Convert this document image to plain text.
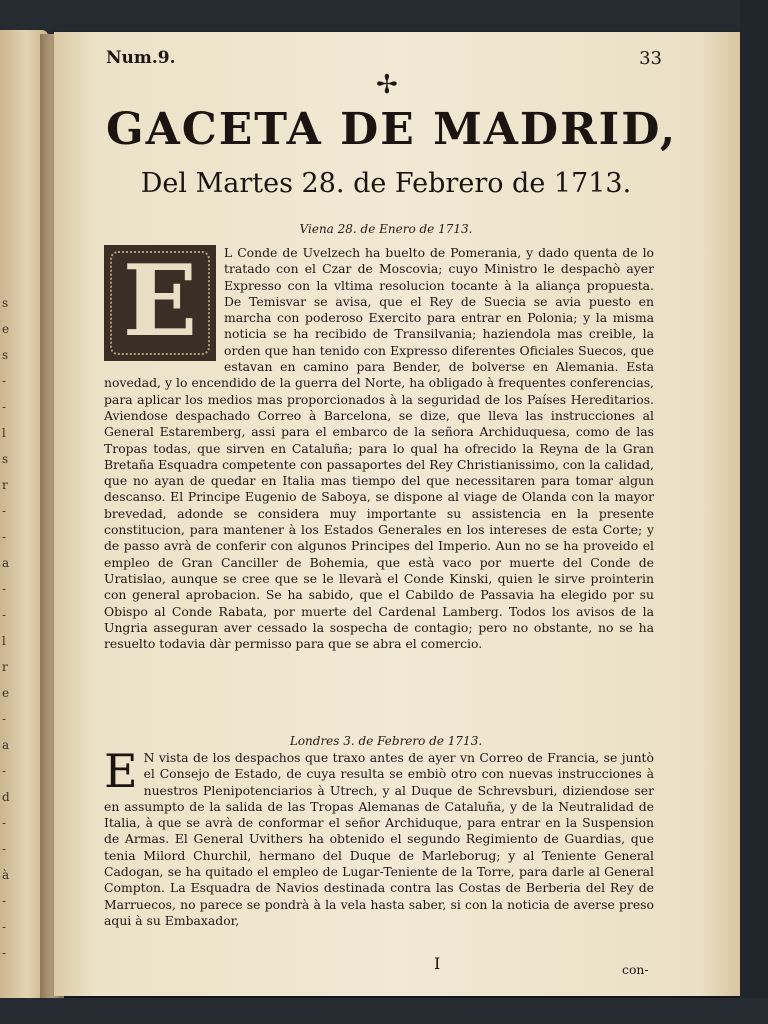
s
e
s
-
-
l
s
r
-
-
a
-
-
l
r
e
-
a
-
d
-
-
à
-
-
-
Num.9.	33
✢
GACETA DE MADRID,
Del Martes 28. de Febrero de 1713.
Viena 28. de Enero de 1713.
L Conde de Uvelzech ha buelto de Pomerania, y dado quenta de lo tratado con el Czar de Moscovia; cuyo Ministro le despachò ayer Expresso con la vltima resolucion tocante à la aliança propuesta. De Temisvar se avisa, que el Rey de Suecia se avia puesto en marcha con poderoso Exercito para entrar en Polonia; y la misma noticia se ha recibido de Transilvania; haziendola mas creible, la orden que han tenido con Expresso diferentes Oficiales Suecos, que estavan en camino para Bender, de bolverse en Alemania. Esta novedad, y lo encendido de la guerra del Norte, ha obligado à frequentes conferencias, para aplicar los medios mas proporcionados à la seguridad de los Países Hereditarios. Aviendose despachado Correo à Barcelona, se dize, que lleva las instrucciones al General Estaremberg, assi para el embarco de la señora Archiduquesa, como de las Tropas todas, que sirven en Cataluña; para lo qual ha ofrecido la Reyna de la Gran Bretaña Esquadra competente con passaportes del Rey Christianissimo, con la calidad, que no ayan de quedar en Italia mas tiempo del que necessitaren para tomar algun descanso. El Principe Eugenio de Saboya, se dispone al viage de Olanda con la mayor brevedad, adonde se considera muy importante su assistencia en la presente constitucion, para mantener à los Estados Generales en los intereses de esta Corte; y de passo avrà de conferir con algunos Principes del Imperio. Aun no se ha proveido el empleo de Gran Canciller de Bohemia, que està vaco por muerte del Conde de Uratislao, aunque se cree que se le llevarà el Conde Kinski, quien le sirve prointerin con general aprobacion. Se ha sabido, que el Cabildo de Passavia ha elegido por su Obispo al Conde Rabata, por muerte del Cardenal Lamberg. Todos los avisos de la Ungria asseguran aver cessado la sospecha de contagio; pero no obstante, no se ha resuelto todavia dàr permisso para que se abra el comercio.
E
Londres 3. de Febrero de 1713.
E N vista de los despachos que traxo antes de ayer vn Correo de Francia, se juntò el Consejo de Estado, de cuya resulta se embiò otro con nuevas instrucciones à nuestros Plenipotenciarios à Utrech, y al Duque de Schrevsburi, diziendose ser en assumpto de la salida de las Tropas Alemanas de Cataluña, y de la Neutralidad de Italia, à que se avrà de conformar el señor Archiduque, para entrar en la Suspension de Armas. El General Uvithers ha obtenido el segundo Regimiento de Guardias, que tenia Milord Churchil, hermano del Duque de Marleborug; y al Teniente General Cadogan, se ha quitado el empleo de Lugar-Teniente de la Torre, para darle al General Compton. La Esquadra de Navios destinada contra las Costas de Berberia del Rey de Marruecos, no parece se pondrà à la vela hasta saber, si con la noticia de averse preso aqui à su Embaxador,
I	con-
